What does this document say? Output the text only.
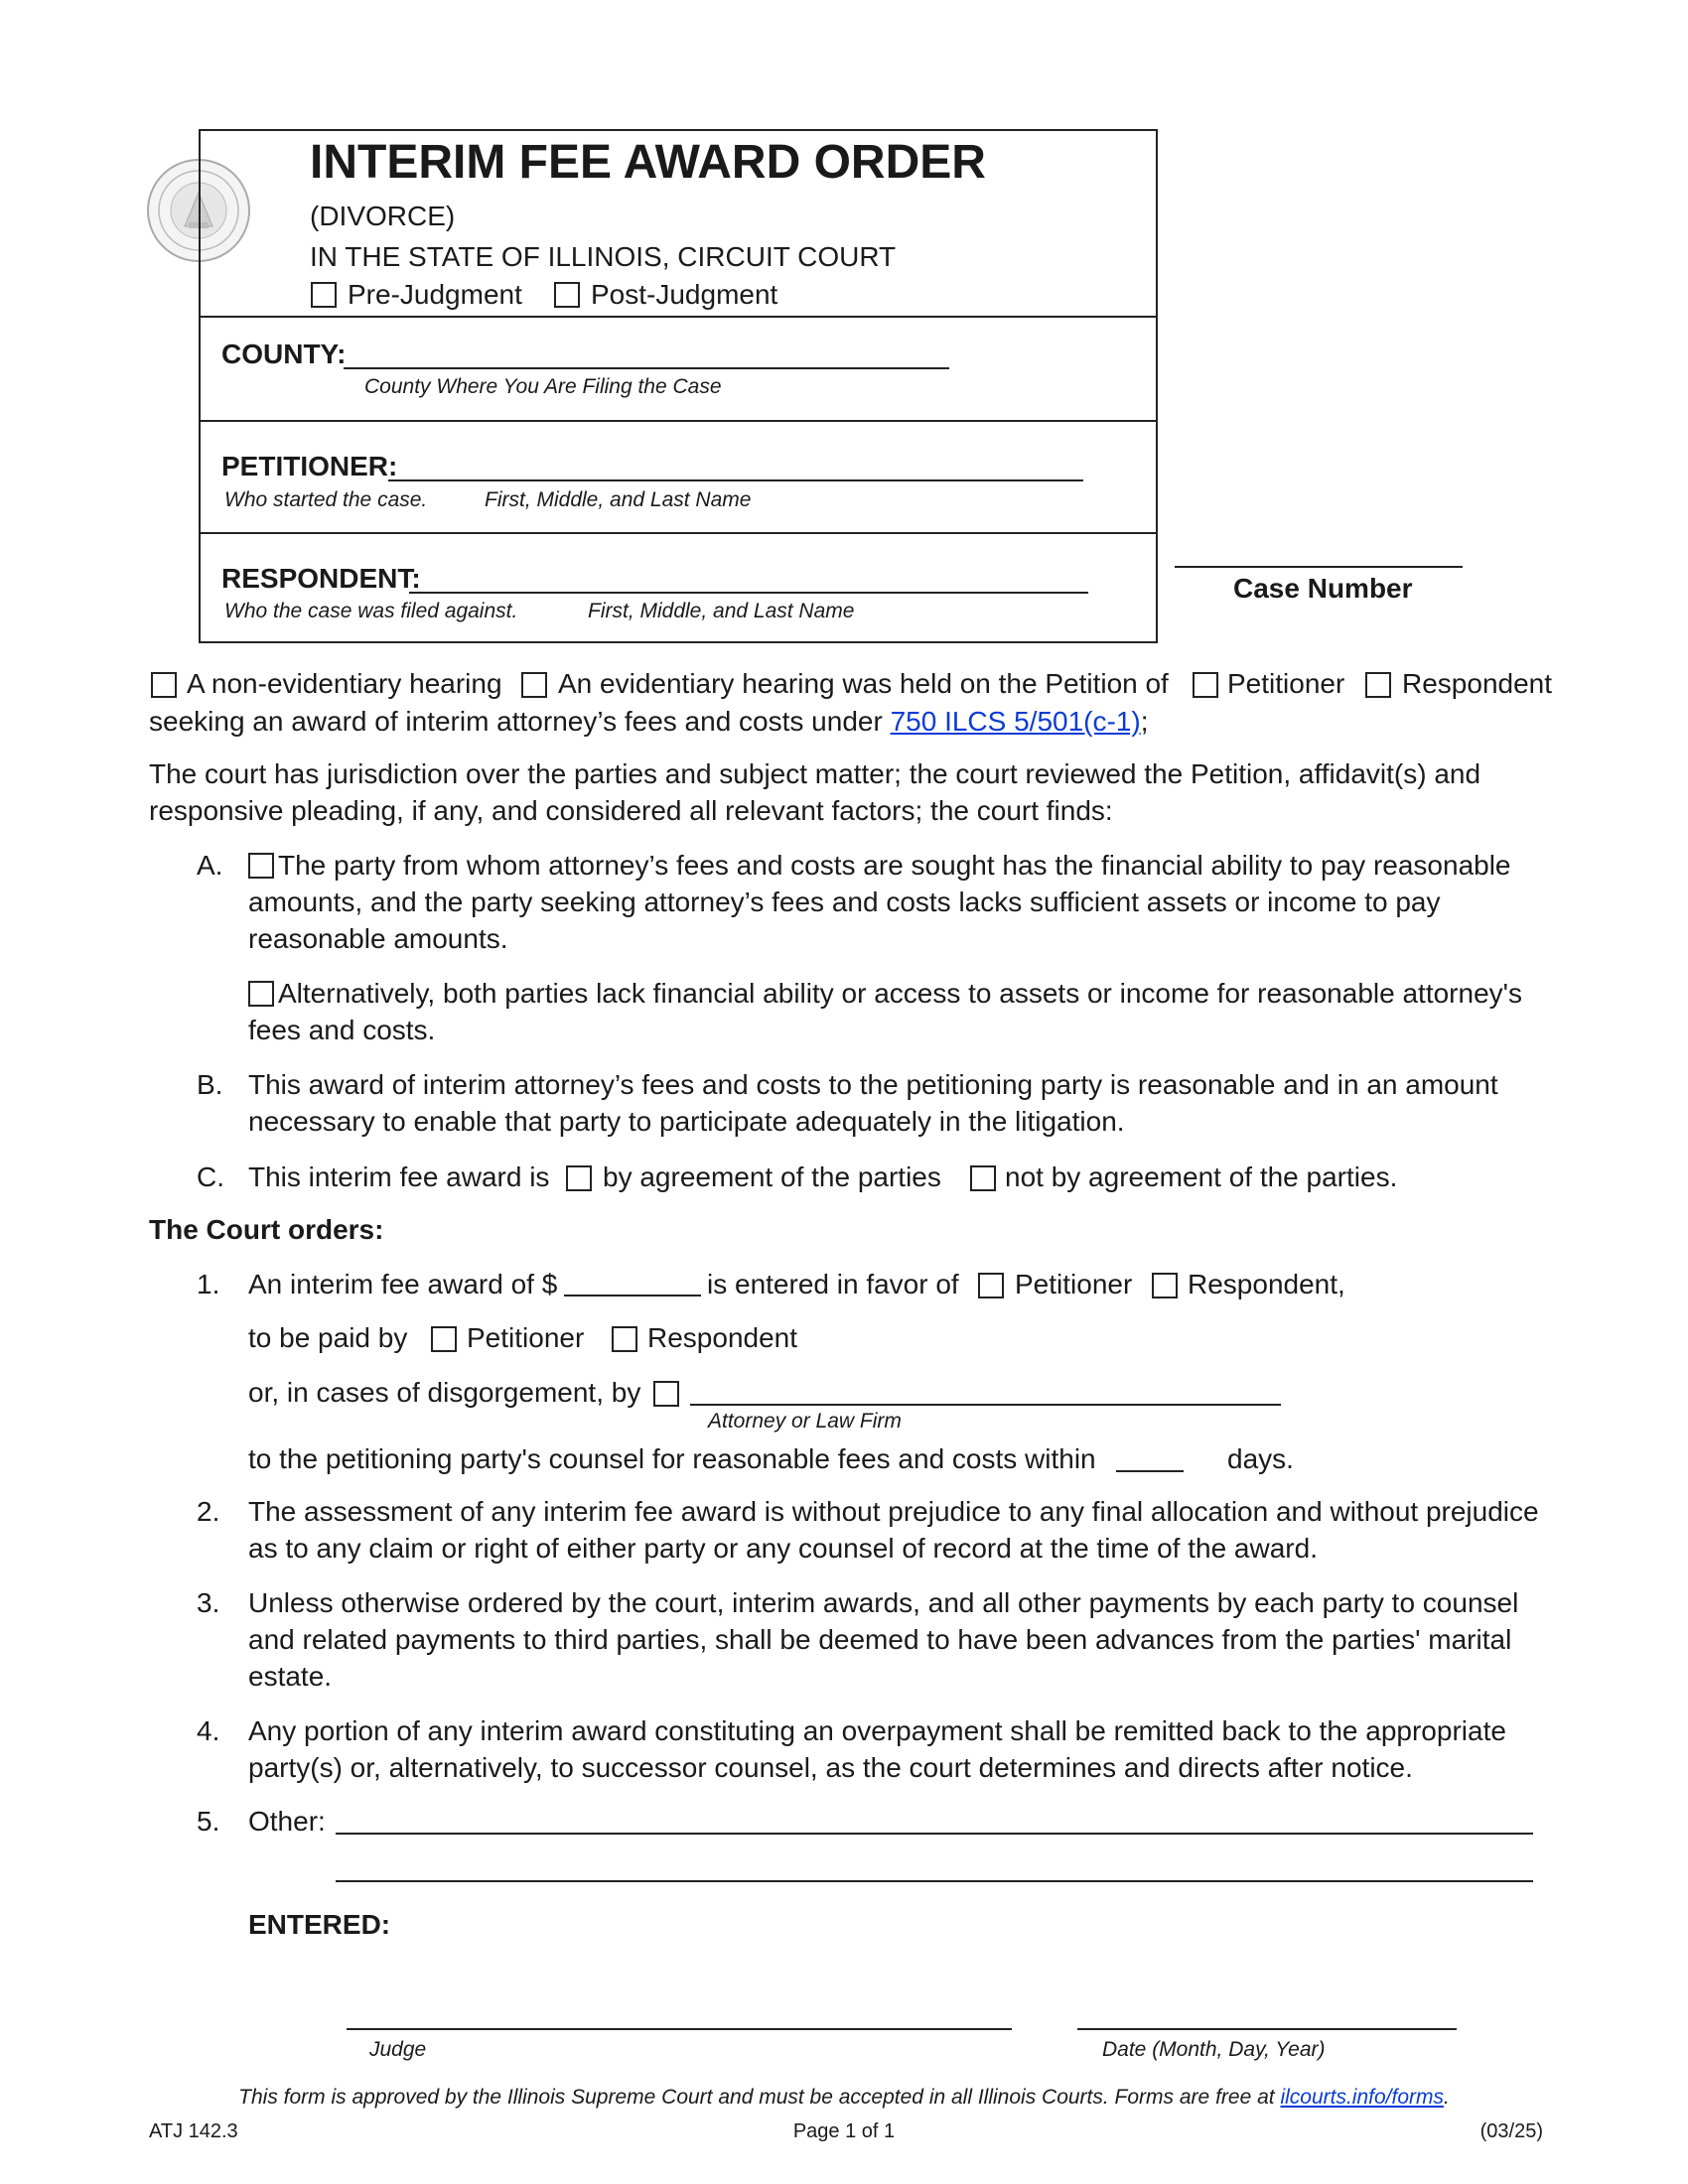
INTERIM FEE AWARD ORDER
(DIVORCE)
IN THE STATE OF ILLINOIS, CIRCUIT COURT
Pre-Judgment Post-Judgment
COUNTY:
County Where You Are Filing the Case
PETITIONER:
Who started the case.	First, Middle, and Last Name
RESPONDENT:
Who the case was filed against.	First, Middle, and Last Name
Case Number
A non-evidentiary hearing An evidentiary hearing was held on the Petition of Petitioner Respondent
seeking an award of interim attorney’s fees and costs under 750 ILCS 5/501(c-1);
The court has jurisdiction over the parties and subject matter; the court reviewed the Petition, affidavit(s) and responsive pleading, if any, and considered all relevant factors; the court finds:
A.	The party from whom attorney’s fees and costs are sought has the financial ability to pay reasonable amounts, and the party seeking attorney’s fees and costs lacks sufficient assets or income to pay reasonable amounts.
Alternatively, both parties lack financial ability or access to assets or income for reasonable attorney's fees and costs.
B. This award of interim attorney’s fees and costs to the petitioning party is reasonable and in an amount necessary to enable that party to participate adequately in the litigation.
C. This interim fee award is by agreement of the parties not by agreement of the parties.
The Court orders:
1. An interim fee award of $	is entered in favor of Petitioner Respondent,
to be paid by Petitioner Respondent
or, in cases of disgorgement, by
Attorney or Law Firm
to the petitioning party's counsel for reasonable fees and costs within	days.
2. The assessment of any interim fee award is without prejudice to any final allocation and without prejudice as to any claim or right of either party or any counsel of record at the time of the award.
3. Unless otherwise ordered by the court, interim awards, and all other payments by each party to counsel and related payments to third parties, shall be deemed to have been advances from the parties' marital estate.
4. Any portion of any interim award constituting an overpayment shall be remitted back to the appropriate party(s) or, alternatively, to successor counsel, as the court determines and directs after notice.
5. Other:
ENTERED:
Judge	Date (Month, Day, Year)
This form is approved by the Illinois Supreme Court and must be accepted in all Illinois Courts. Forms are free at ilcourts.info/forms.
ATJ 142.3	Page 1 of 1	(03/25)
